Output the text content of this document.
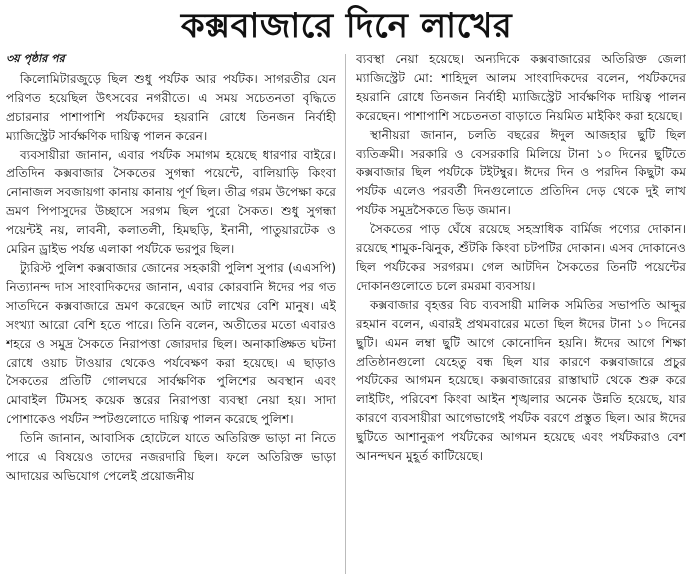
কক্সবাজারে দিনে লাখের
৩য় পৃষ্ঠার পর

কিলোমিটারজুড়ে ছিল শুধু পর্যটক আর পর্যটক। সাগরতীর যেন পরিণত হয়েছিল উৎসবের নগরীতে। এ সময় সচেতনতা বৃদ্ধিতে প্রচারনার পাশাপাশি পর্যটকদের হয়রানি রোধে তিনজন নির্বাহী ম্যাজিস্ট্রেট সার্বক্ষণিক দায়িত্ব পালন করেন।

ব্যবসায়ীরা জানান, এবার পর্যটক সমাগম হয়েছে ধারণার বাইরে। প্রতিদিন কক্সবাজার সৈকতের সুগন্ধা পয়েন্টে, বালিয়াড়ি কিংবা নোনাজল সবজায়গা কানায় কানায় পূর্ণ ছিল। তীব্র গরম উপেক্ষা করে ভ্রমণ পিপাসুদের উচ্ছাসে সরগম ছিল পুরো সৈকত। শুধু সুগন্ধা পয়েন্টই নয়, লাবনী, কলাতলী, হিমছড়ি, ইনানী, পাতুয়ারটেক ও মেরিন ড্রাইভ পর্যন্ত এলাকা পর্যটকে ভরপুর ছিল।

ট্যুরিস্ট পুলিশ কক্সবাজার জোনের সহকারী পুলিশ সুপার (এএসপি) নিত্যানন্দ দাস সাংবাদিকদের জানান, এবার কোরবানি ঈদের পর গত সাতদিনে কক্সবাজারে ভ্রমণ করেছেন আট লাখের বেশি মানুষ। এই সংখ্যা আরো বেশি হতে পারে। তিনি বলেন, অতীতের মতো এবারও শহরে ও সমুদ্র সৈকতে নিরাপত্তা জোরদার ছিল। অনাকাঙ্ক্ষিত ঘটনা রোধে ওয়াচ টাওয়ার থেকেও পর্যবেক্ষণ করা হয়েছে। এ ছাড়াও সৈকতের প্রতিটি গোলঘরে সার্বক্ষণিক পুলিশের অবস্থান এবং মোবাইল টিমসহ কয়েক স্তরের নিরাপত্তা ব্যবস্থা নেয়া হয়। সাদা পোশাকেও পর্যটন স্পটগুলোতে দায়িত্ব পালন করেছে পুলিশ।

তিনি জানান, আবাসিক হোটেলে যাতে অতিরিক্ত ভাড়া না নিতে পারে এ বিষয়েও তাদের নজরদারি ছিল। ফলে অতিরিক্ত ভাড়া আদায়ের অভিযোগ পেলেই প্রয়োজনীয়

ব্যবস্থা নেয়া হয়েছে। অন্যদিকে কক্সবাজারের অতিরিক্ত জেলা ম্যাজিস্ট্রেট মো: শাহিদুল আলম সাংবাদিকদের বলেন, পর্যটকদের হয়রানি রোধে তিনজন নির্বাহী ম্যাজিস্ট্রেট সার্বক্ষণিক দায়িত্ব পালন করেছেন। পাশাপাশি সচেতনতা বাড়াতে নিয়মিত মাইকিং করা হয়েছে।

স্থানীয়রা জানান, চলতি বছরের ঈদুল আজহার ছুটি ছিল ব্যতিক্রমী। সরকারি ও বেসরকারি মিলিয়ে টানা ১০ দিনের ছুটিতে কক্সবাজার ছিল পর্যটকে টইটম্বুর। ঈদের দিন ও পরদিন কিছুটা কম পর্যটক এলেও পরবর্তী দিনগুলোতে প্রতিদিন দেড় থেকে দুই লাখ পর্যটক সমুদ্রসৈকতে ভিড় জমান।

সৈকতের পাড় ঘেঁষে রয়েছে সহস্রাধিক বার্মিজ পণ্যের দোকান। রয়েছে শামুক-ঝিনুক, শুঁটকি কিংবা চটপটির দোকান। এসব দোকানেও ছিল পর্যটকের সরগরম। গেল আটদিন সৈকতের তিনটি পয়েন্টের দোকানগুলোতে চলে রমরমা ব্যবসায়।

কক্সবাজার বৃহত্তর বিচ ব্যবসায়ী মালিক সমিতির সভাপতি আব্দুর রহমান বলেন, এবারই প্রথমবারের মতো ছিল ঈদের টানা ১০ দিনের ছুটি। এমন লম্বা ছুটি আগে কোনোদিন হয়নি। ঈদের আগে শিক্ষা প্রতিষ্ঠানগুলো যেহেতু বন্ধ ছিল যার কারণে কক্সবাজারে প্রচুর পর্যটকের আগমন হয়েছে। কক্সবাজারের রাস্তাঘাট থেকে শুরু করে লাইটিং, পরিবেশ কিংবা আইন শৃঙ্খলার অনেক উন্নতি হয়েছে, যার কারণে ব্যবসায়ীরা আগেভাগেই পর্যটক বরণে প্রস্তুত ছিল। আর ঈদের ছুটিতে আশানুরূপ পর্যটকের আগমন হয়েছে এবং পর্যটকরাও বেশ আনন্দঘন মুহূর্ত কাটিয়েছে।
